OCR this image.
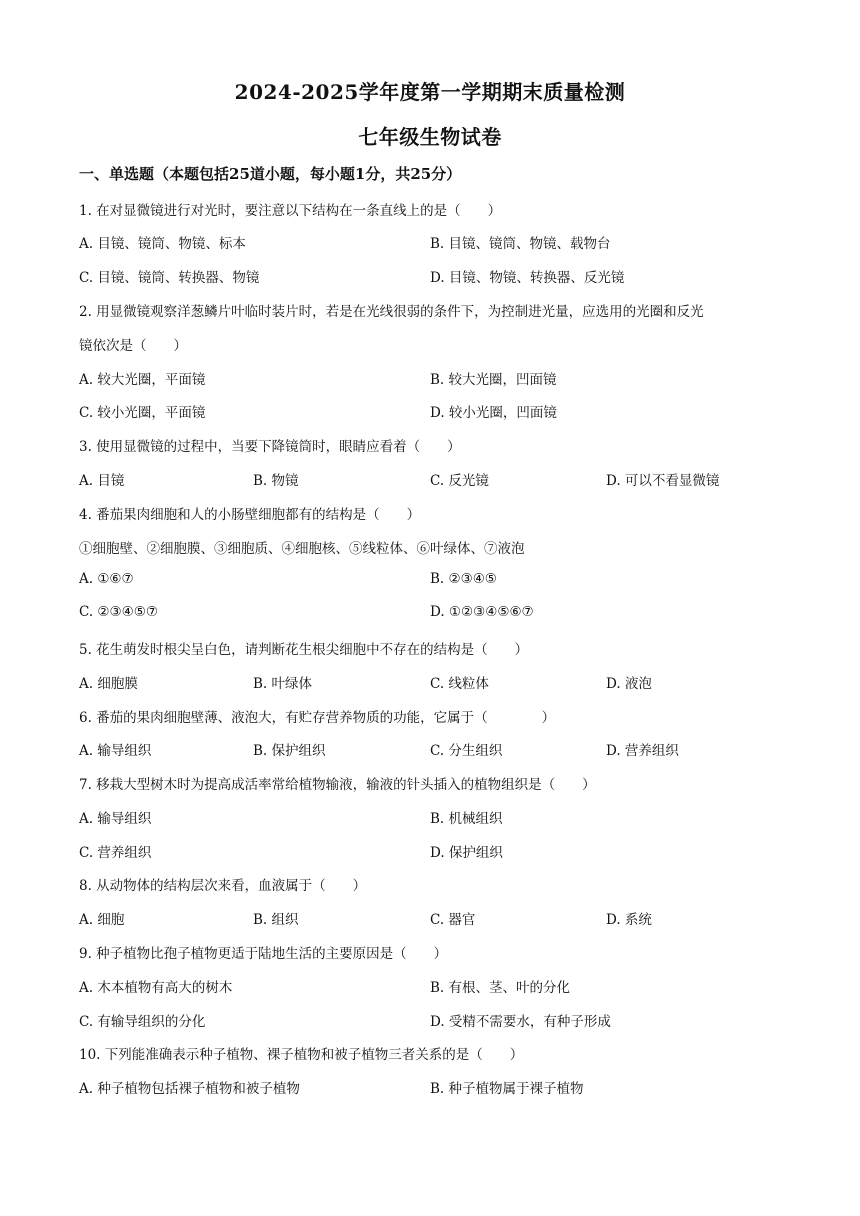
2024-2025学年度第一学期期末质量检测
七年级生物试卷
一、单选题（本题包括25道小题，每小题1分，共25分）
1. 在对显微镜进行对光时，要注意以下结构在一条直线上的是（　　）
A. 目镜、镜筒、物镜、标本	B. 目镜、镜筒、物镜、载物台
C. 目镜、镜筒、转换器、物镜	D. 目镜、物镜、转换器、反光镜
2. 用显微镜观察洋葱鳞片叶临时装片时，若是在光线很弱的条件下，为控制进光量，应选用的光圈和反光
镜依次是（　　）
A. 较大光圈，平面镜	B. 较大光圈，凹面镜
C. 较小光圈，平面镜	D. 较小光圈，凹面镜
3. 使用显微镜的过程中，当要下降镜筒时，眼睛应看着（　　）
A. 目镜	B. 物镜	C. 反光镜	D. 可以不看显微镜
4. 番茄果肉细胞和人的小肠壁细胞都有的结构是（　　）
①细胞壁、②细胞膜、③细胞质、④细胞核、⑤线粒体、⑥叶绿体、⑦液泡
A. ①⑥⑦	B. ②③④⑤
C. ②③④⑤⑦	D. ①②③④⑤⑥⑦
5. 花生萌发时根尖呈白色，请判断花生根尖细胞中不存在的结构是（　　）
A. 细胞膜	B. 叶绿体	C. 线粒体	D. 液泡
6. 番茄的果肉细胞壁薄、液泡大，有贮存营养物质的功能，它属于（　　　　）
A. 输导组织	B. 保护组织	C. 分生组织	D. 营养组织
7. 移栽大型树木时为提高成活率常给植物输液，输液的针头插入的植物组织是（　　）
A. 输导组织	B. 机械组织
C. 营养组织	D. 保护组织
8. 从动物体的结构层次来看，血液属于（　　）
A. 细胞	B. 组织	C. 器官	D. 系统
9. 种子植物比孢子植物更适于陆地生活的主要原因是（　　）
A. 木本植物有高大的树木	B. 有根、茎、叶的分化
C. 有输导组织的分化	D. 受精不需要水，有种子形成
10. 下列能准确表示种子植物、裸子植物和被子植物三者关系的是（　　）
A. 种子植物包括裸子植物和被子植物	B. 种子植物属于裸子植物
